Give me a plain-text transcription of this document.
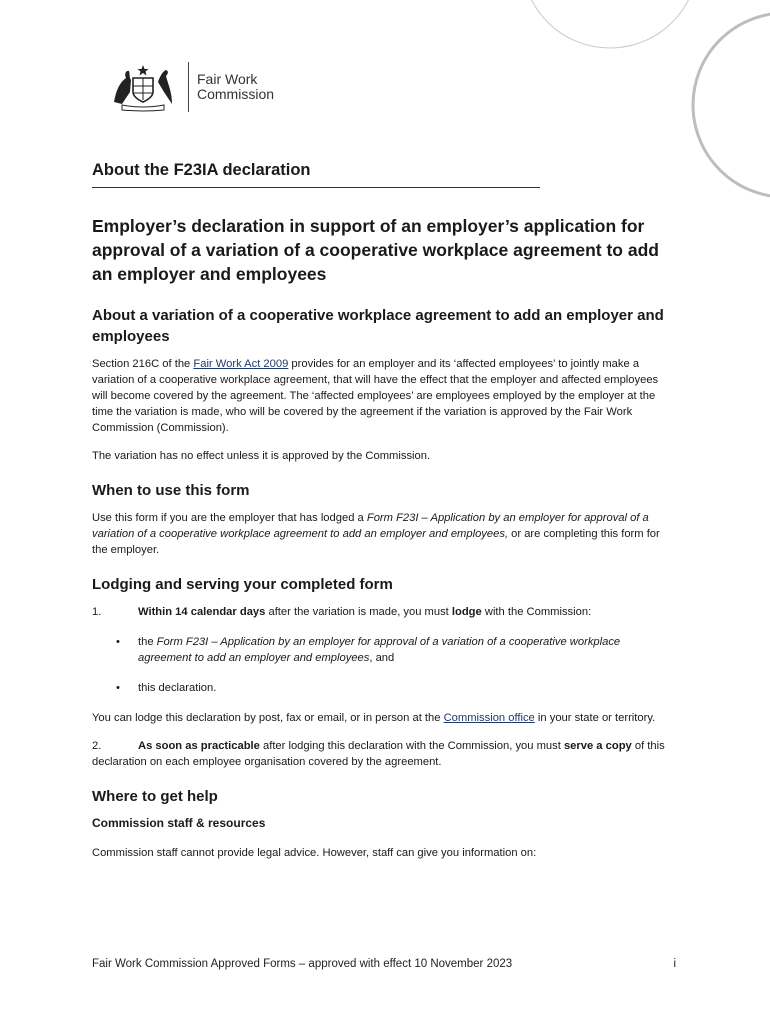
Fair Work
Commission
About the F23IA declaration
Employer’s declaration in support of an employer’s application for approval of a variation of a cooperative workplace agreement to add an employer and employees
About a variation of a cooperative workplace agreement to add an employer and employees

Section 216C of the Fair Work Act 2009 provides for an employer and its ‘affected employees’ to jointly make a variation of a cooperative workplace agreement, that will have the effect that the employer and affected employees will become covered by the agreement. The ‘affected employees’ are employees employed by the employer at the time the variation is made, who will be covered by the agreement if the variation is approved by the Fair Work Commission (Commission).

The variation has no effect unless it is approved by the Commission.

When to use this form

Use this form if you are the employer that has lodged a Form F23I – Application by an employer for approval of a variation of a cooperative workplace agreement to add an employer and employees, or are completing this form for the employer.

Lodging and serving your completed form
1.	Within 14 calendar days after the variation is made, you must lodge with the Commission:
•	the Form F23I – Application by an employer for approval of a variation of a cooperative workplace agreement to add an employer and employees, and
•	this declaration.

You can lodge this declaration by post, fax or email, or in person at the Commission office in your state or territory.

2.	As soon as practicable after lodging this declaration with the Commission, you must serve a copy of this declaration on each employee organisation covered by the agreement.

Where to get help
Commission staff & resources

Commission staff cannot provide legal advice. However, staff can give you information on:

Fair Work Commission Approved Forms – approved with effect 10 November 2023	i
